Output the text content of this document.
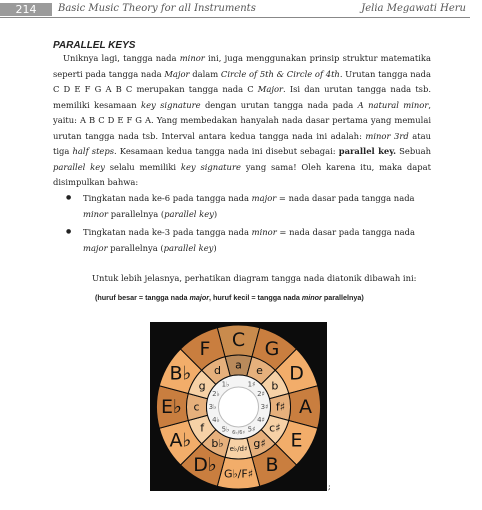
214	Basic Music Theory for all Instruments	Jelia Megawati Heru
PARALLEL KEYS
Uniknya lagi, tangga nada minor ini, juga menggunakan prinsip struktur matematika seperti pada tangga nada Major dalam Circle of 5th & Circle of 4th. Urutan tangga nada C D E F G A B C merupakan tangga nada C Major. Isi dan urutan tangga nada tsb. memiliki kesamaan key signature dengan urutan tangga nada pada A natural minor, yaitu: A B C D E F G A. Yang membedakan hanyalah nada dasar pertama yang memulai urutan tangga nada tsb. Interval antara kedua tangga nada ini adalah: minor 3rd atau tiga half steps. Kesamaan kedua tangga nada ini disebut sebagai: parallel key. Sebuah parallel key selalu memiliki key signature yang sama! Oleh karena itu, maka dapat disimpulkan bahwa:
● Tingkatan nada ke-6 pada tangga nada major = nada dasar pada tangga nada minor parallelnya (parallel key)
● Tingkatan nada ke-3 pada tangga nada minor = nada dasar pada tangga nada major parallelnya (parallel key)
Untuk lebih jelasnya, perhatikan diagram tangga nada diatonik dibawah ini:
(huruf besar = tangga nada major, huruf kecil = tangga nada minor parallelnya)
C
a
G
e
1♯ D
b
2♯
A
f♯
3♯
E
c♯
4♯
B
g♯
5♯
G♭/F♯
e♭/d♯
6♭/6♯
D♭
b♭
5♭
A♭
f
4♭
E♭ c 3♭
B♭
g
2♭
F
d
1♭
;
